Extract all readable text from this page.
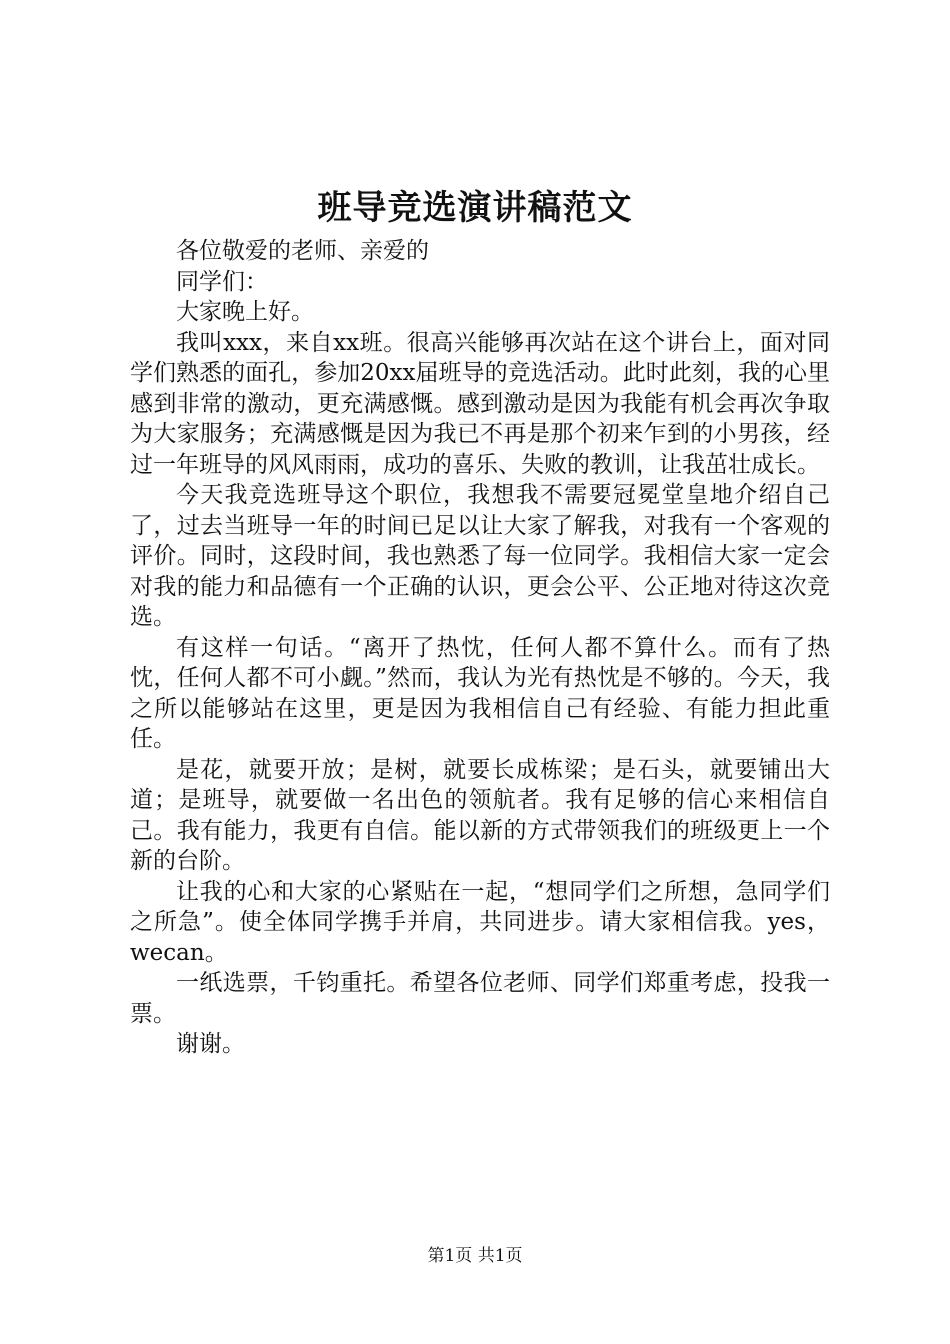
班导竞选演讲稿范文

各位敬爱的老师、亲爱的

同学们：

大家晚上好。

我叫xxx，来自xx班。很高兴能够再次站在这个讲台上，面对同学们熟悉的面孔，参加20xx届班导的竞选活动。此时此刻，我的心里感到非常的激动，更充满感慨。感到激动是因为我能有机会再次争取为大家服务；充满感慨是因为我已不再是那个初来乍到的小男孩，经过一年班导的风风雨雨，成功的喜乐、失败的教训，让我茁壮成长。

今天我竞选班导这个职位，我想我不需要冠冕堂皇地介绍自己了，过去当班导一年的时间已足以让大家了解我，对我有一个客观的评价。同时，这段时间，我也熟悉了每一位同学。我相信大家一定会对我的能力和品德有一个正确的认识，更会公平、公正地对待这次竞选。

有这样一句话。“离开了热忱，任何人都不算什么。而有了热忱，任何人都不可小觑。”然而，我认为光有热忱是不够的。今天，我之所以能够站在这里，更是因为我相信自己有经验、有能力担此重任。

是花，就要开放；是树，就要长成栋梁；是石头，就要铺出大道；是班导，就要做一名出色的领航者。我有足够的信心来相信自己。我有能力，我更有自信。能以新的方式带领我们的班级更上一个新的台阶。

让我的心和大家的心紧贴在一起，“想同学们之所想，急同学们之所急”。使全体同学携手并肩，共同进步。请大家相信我。yes，wecan。

一纸选票，千钧重托。希望各位老师、同学们郑重考虑，投我一票。

谢谢。

第1页 共1页
